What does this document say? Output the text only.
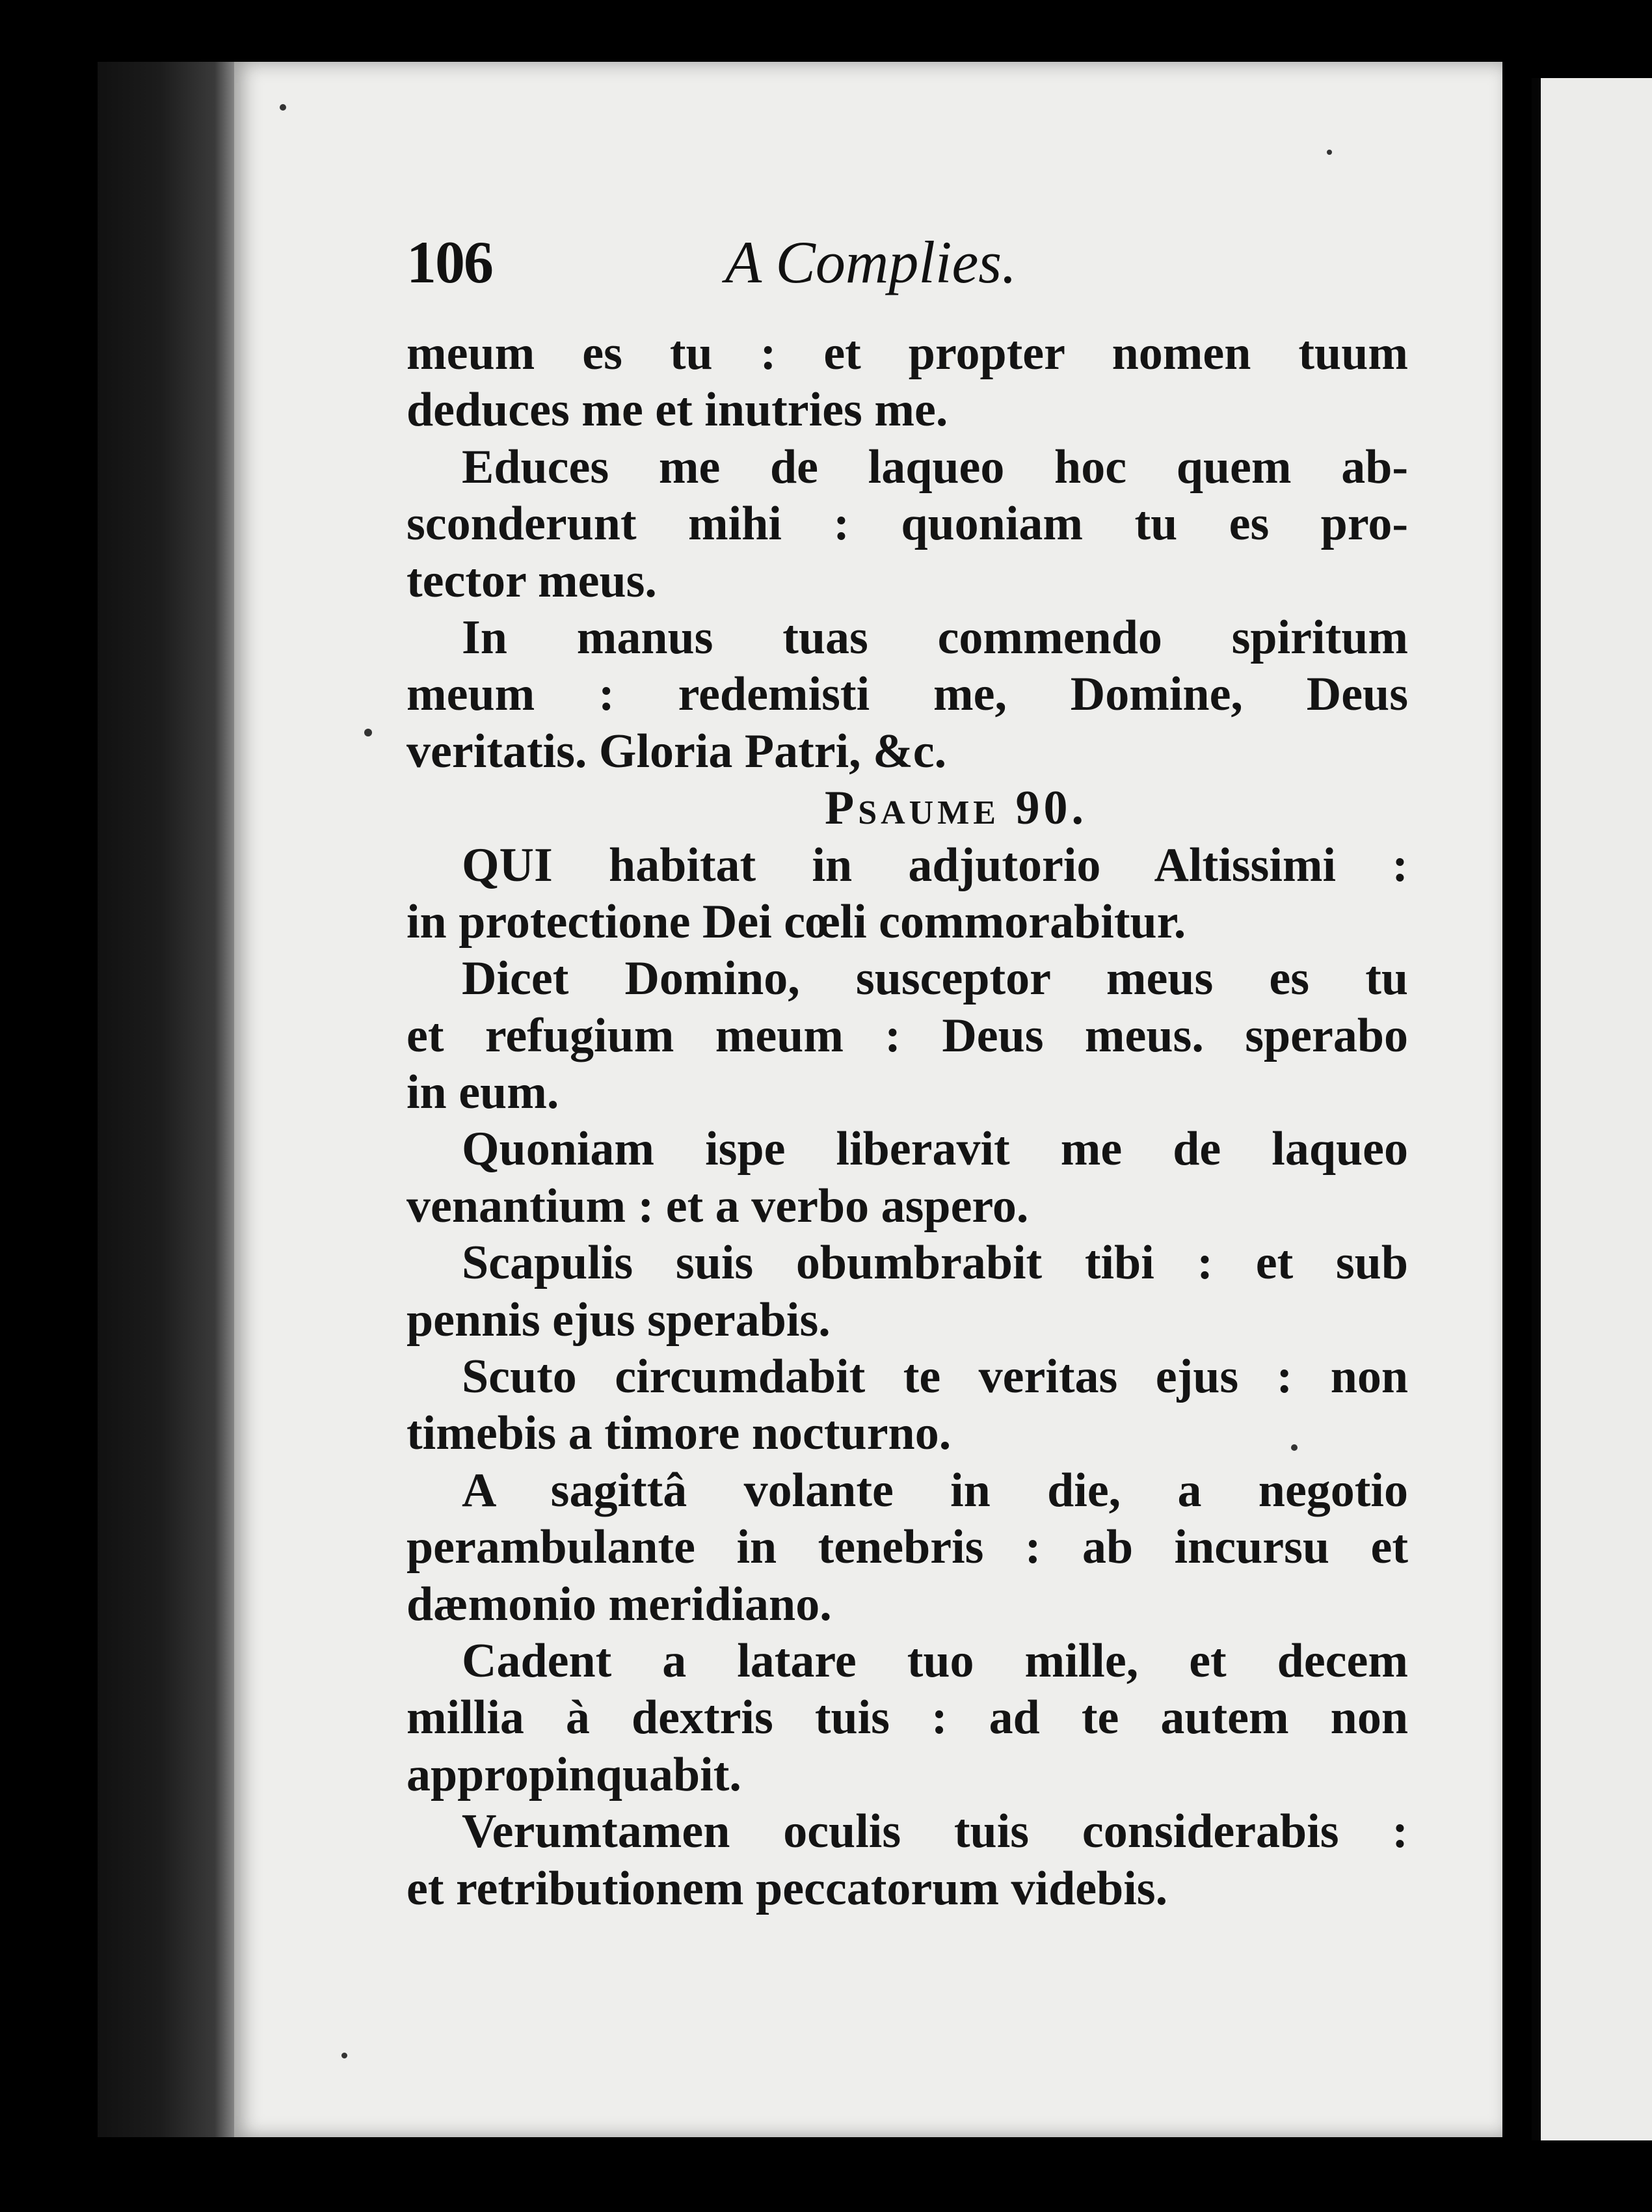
106	A Complies.
meum es tu : et propter nomen tuum
deduces me et inutries me.
Educes me de laqueo hoc quem ab-
sconderunt mihi : quoniam tu es pro-
tector meus.
In manus tuas commendo spiritum
meum : redemisti me, Domine, Deus
veritatis. Gloria Patri, &c.
Psaume 90.
QUI habitat in adjutorio Altissimi :
in protectione Dei cœli commorabitur.
Dicet Domino, susceptor meus es tu
et refugium meum : Deus meus. sperabo
in eum.
Quoniam ispe liberavit me de laqueo
venantium : et a verbo aspero.
Scapulis suis obumbrabit tibi : et sub
pennis ejus sperabis.
Scuto circumdabit te veritas ejus : non
timebis a timore nocturno.
A sagittâ volante in die, a negotio
perambulante in tenebris : ab incursu et
dæmonio meridiano.
Cadent a latare tuo mille, et decem
millia à dextris tuis : ad te autem non
appropinquabit.
Verumtamen oculis tuis considerabis :
et retributionem peccatorum videbis.
